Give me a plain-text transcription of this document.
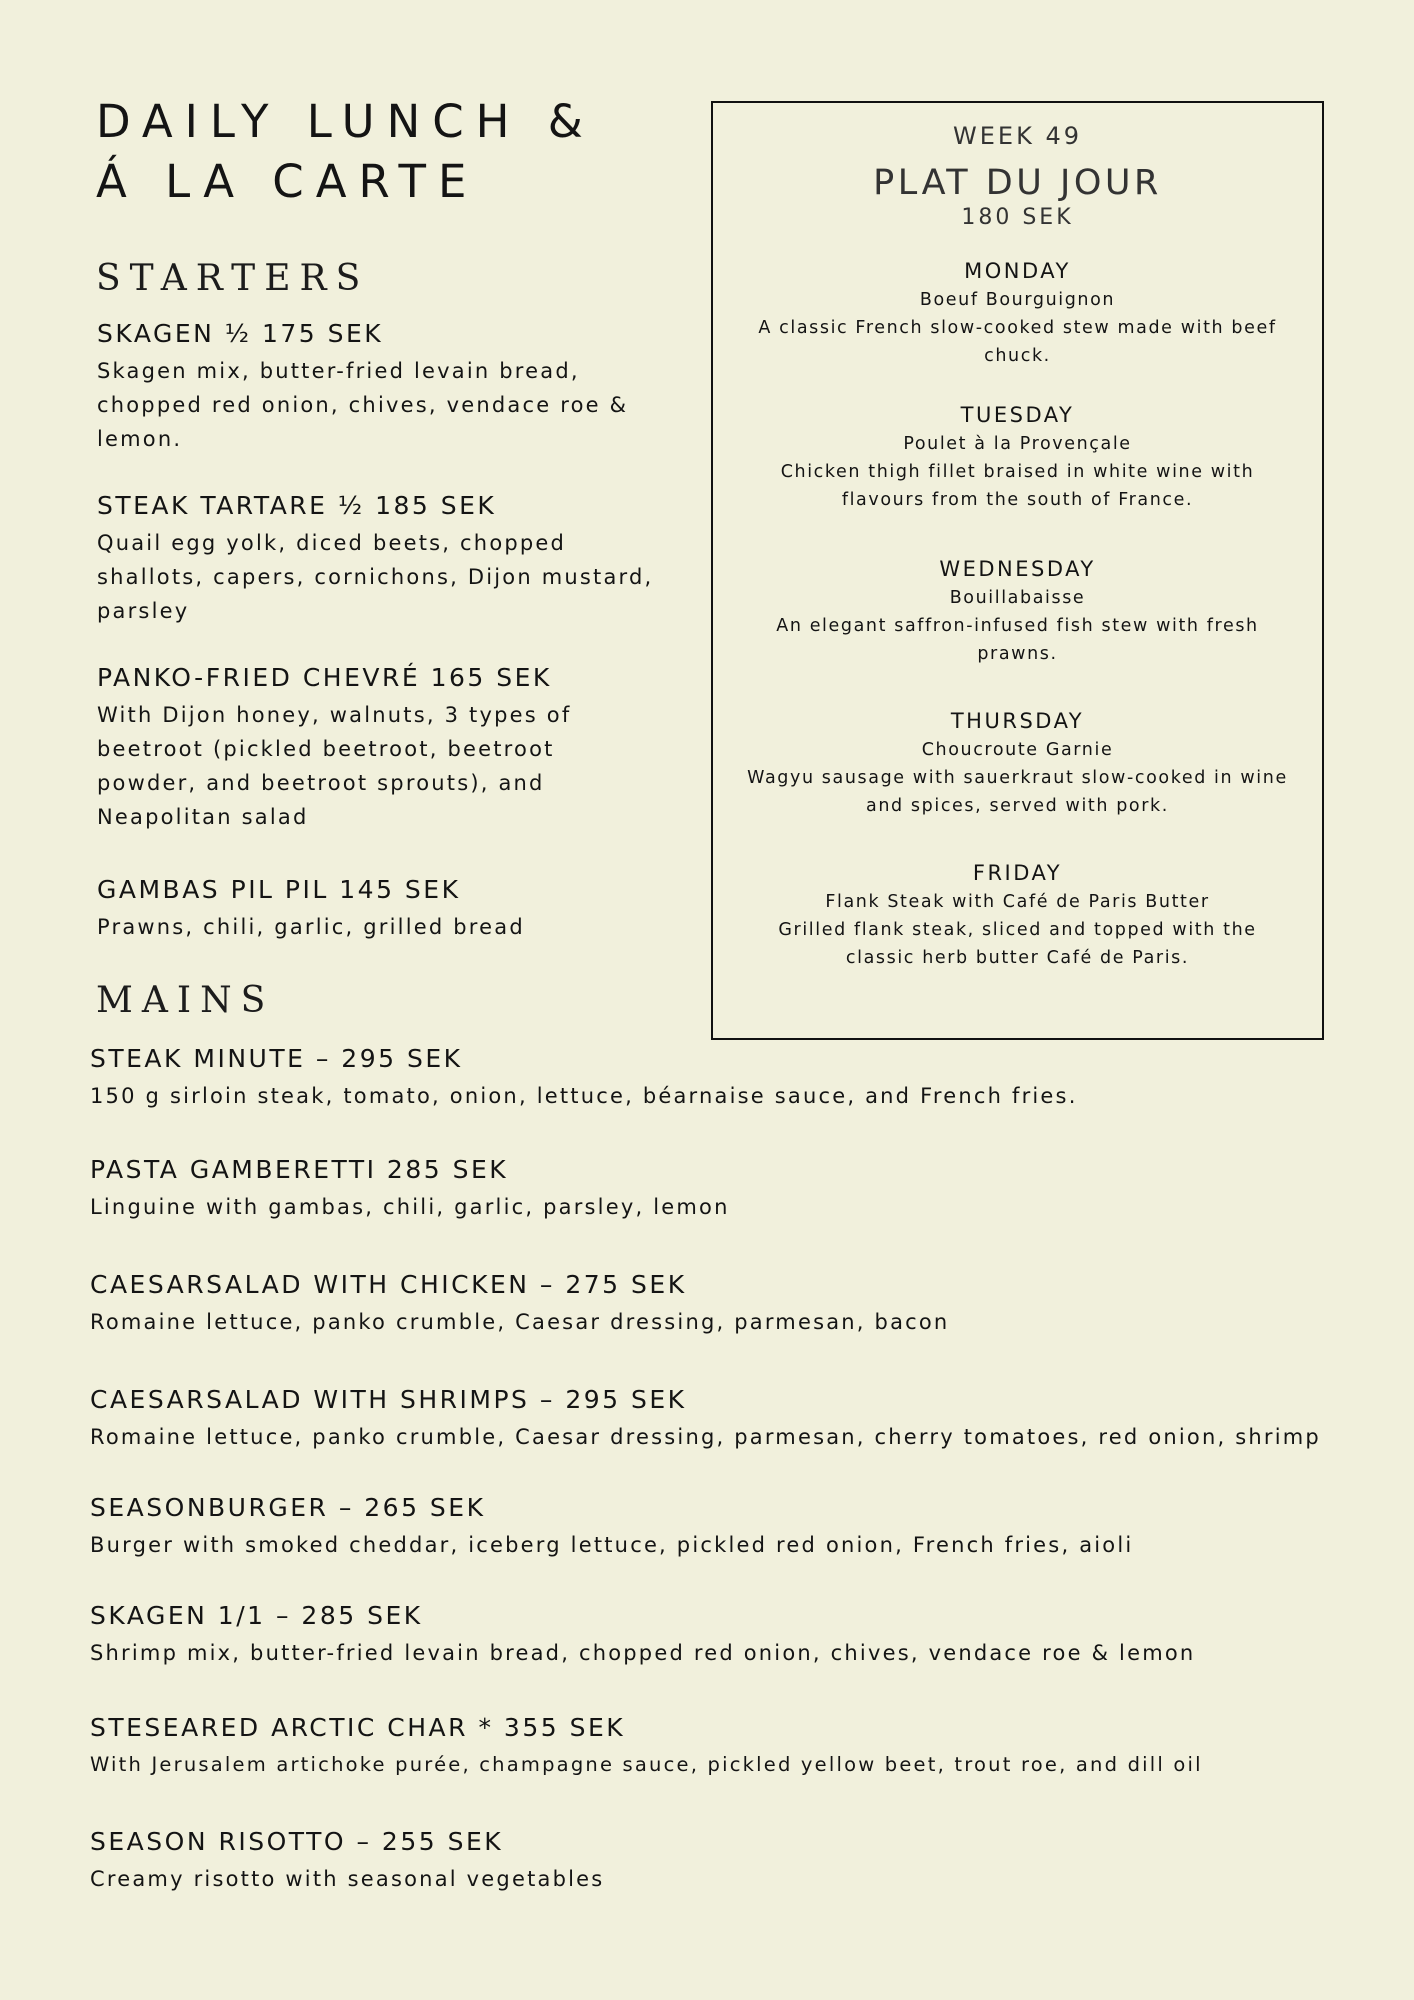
DAILY LUNCH &
Á LA CARTE
STARTERS
SKAGEN ½ 175 SEK
Skagen mix, butter-fried levain bread, chopped red onion, chives, vendace roe & lemon.
STEAK TARTARE ½ 185 SEK
Quail egg yolk, diced beets, chopped shallots, capers, cornichons, Dijon mustard, parsley
PANKO-FRIED CHEVRÉ 165 SEK
With Dijon honey, walnuts, 3 types of beetroot (pickled beetroot, beetroot powder, and beetroot sprouts), and Neapolitan salad
GAMBAS PIL PIL 145 SEK
Prawns, chili, garlic, grilled bread
MAINS
STEAK MINUTE – 295 SEK
150 g sirloin steak, tomato, onion, lettuce, béarnaise sauce, and French fries.
PASTA GAMBERETTI 285 SEK
Linguine with gambas, chili, garlic, parsley, lemon
CAESARSALAD WITH CHICKEN – 275 SEK
Romaine lettuce, panko crumble, Caesar dressing, parmesan, bacon
CAESARSALAD WITH SHRIMPS – 295 SEK
Romaine lettuce, panko crumble, Caesar dressing, parmesan, cherry tomatoes, red onion, shrimp
SEASONBURGER – 265 SEK
Burger with smoked cheddar, iceberg lettuce, pickled red onion, French fries, aioli
SKAGEN 1/1 – 285 SEK
Shrimp mix, butter-fried levain bread, chopped red onion, chives, vendace roe & lemon
STESEARED ARCTIC CHAR * 355 SEK
With Jerusalem artichoke purée, champagne sauce, pickled yellow beet, trout roe, and dill oil
SEASON RISOTTO – 255 SEK
Creamy risotto with seasonal vegetables
WEEK 49
PLAT DU JOUR
180 SEK
MONDAY
Boeuf Bourguignon
A classic French slow-cooked stew made with beef chuck.
TUESDAY
Poulet à la Provençale
Chicken thigh fillet braised in white wine with flavours from the south of France.
WEDNESDAY
Bouillabaisse
An elegant saffron-infused fish stew with fresh prawns.
THURSDAY
Choucroute Garnie
Wagyu sausage with sauerkraut slow-cooked in wine and spices, served with pork.
FRIDAY
Flank Steak with Café de Paris Butter
Grilled flank steak, sliced and topped with the classic herb butter Café de Paris.
